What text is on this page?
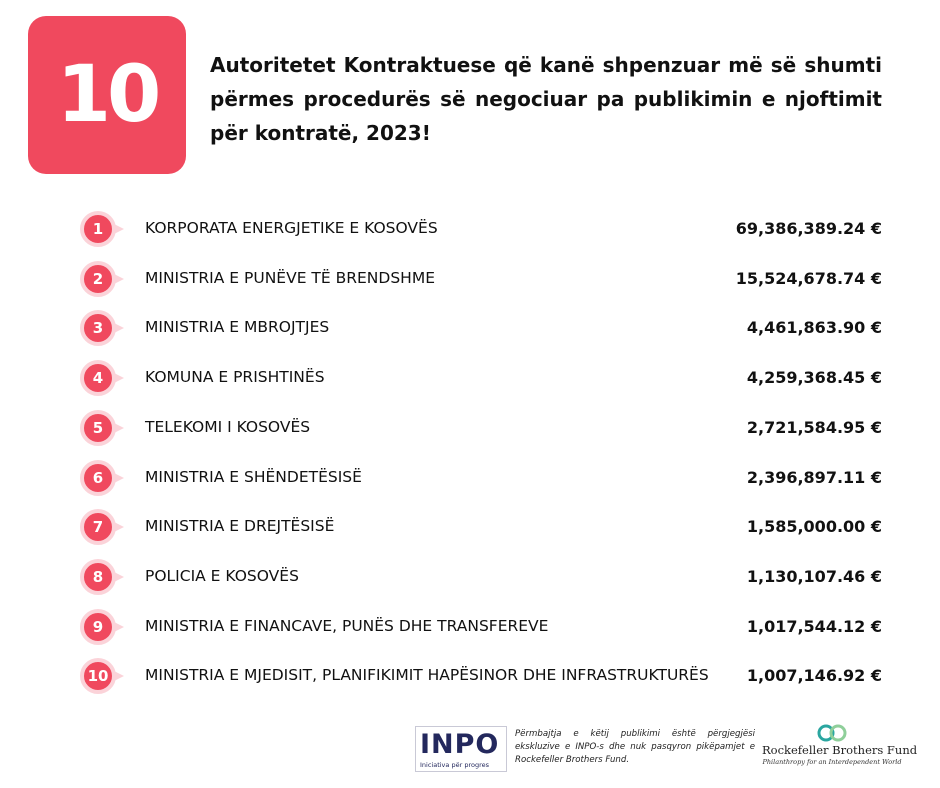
10	Autoritetet Kontraktuese që kanë shpenzuar më së shumti përmes procedurës së negociuar pa publikimin e njoftimit për kontratë, 2023!
1	KORPORATA ENERGJETIKE E KOSOVËS	69,386,389.24 €
2	MINISTRIA E PUNËVE TË BRENDSHME	15,524,678.74 €
3	MINISTRIA E MBROJTJES	4,461,863.90 €
4	KOMUNA E PRISHTINËS	4,259,368.45 €
5	TELEKOMI I KOSOVËS	2,721,584.95 €
6	MINISTRIA E SHËNDETËSISË	2,396,897.11 €
7	MINISTRIA E DREJTËSISË	1,585,000.00 €
8	POLICIA E KOSOVËS	1,130,107.46 €
9	MINISTRIA E FINANCAVE, PUNËS DHE TRANSFEREVE	1,017,544.12 €
10 MINISTRIA E MJEDISIT, PLANIFIKIMIT HAPËSINOR DHE INFRASTRUKTURËS 1,007,146.92 €
INPO
Iniciativa për progres

Përmbajtja e këtij publikimi është përgjegjësi ekskluzive e INPO-s dhe nuk pasqyron pikëpamjet e Rockefeller Brothers Fund.

Rockefeller Brothers Fund
Philanthropy for an Interdependent World
